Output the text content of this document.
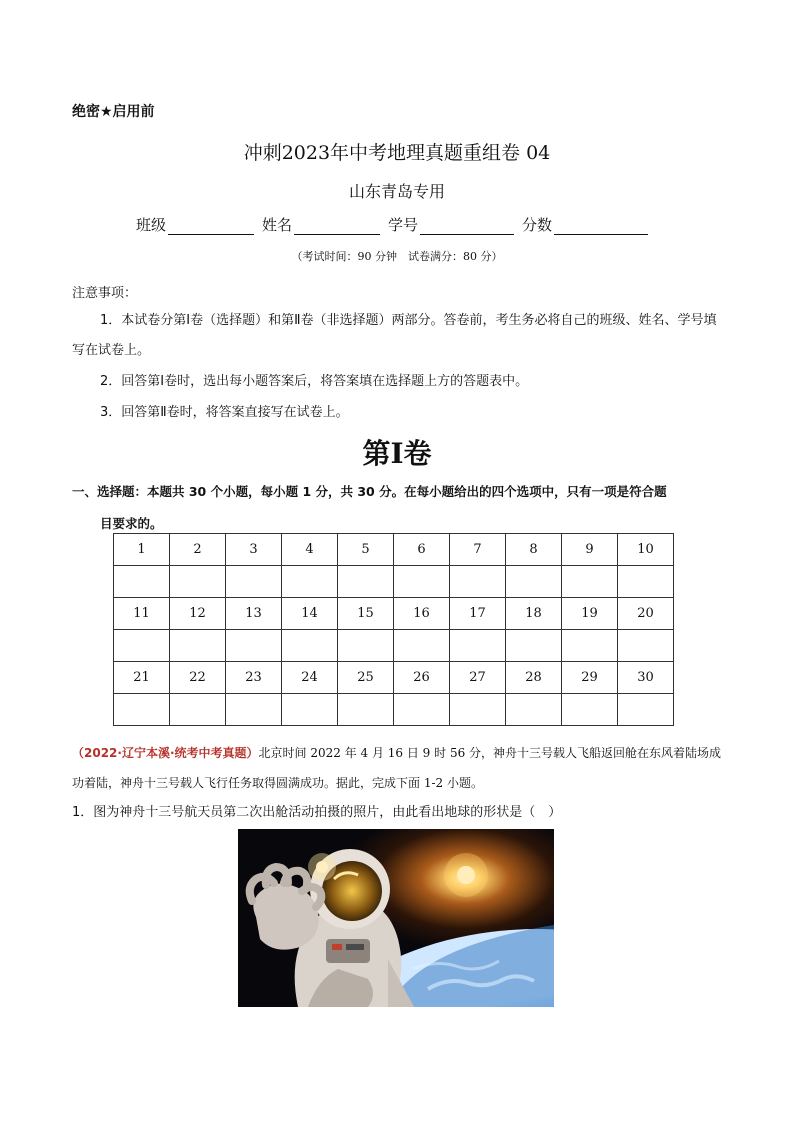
绝密★启用前
冲刺2023年中考地理真题重组卷 04
山东青岛专用
班级	姓名	学号	分数
（考试时间：90 分钟　试卷满分：80 分）
注意事项：
1．本试卷分第Ⅰ卷（选择题）和第Ⅱ卷（非选择题）两部分。答卷前，考生务必将自己的班级、姓名、学号填写在试卷上。
2．回答第Ⅰ卷时，选出每小题答案后，将答案填在选择题上方的答题表中。
3．回答第Ⅱ卷时，将答案直接写在试卷上。
第Ⅰ卷
一、选择题：本题共 30 个小题，每小题 1 分，共 30 分。在每小题给出的四个选项中，只有一项是符合题
目要求的。
1	2	3	4	5	6	7	8	9	10

11	12	13	14	15	16	17	18	19	20

21	22	23	24	25	26	27	28	29	30

（2022·辽宁本溪·统考中考真题）北京时间 2022 年 4 月 16 日 9 时 56 分，神舟十三号载人飞船返回舱在东风着陆场成功着陆，神舟十三号载人飞行任务取得圆满成功。据此，完成下面 1-2 小题。
1．图为神舟十三号航天员第二次出舱活动拍摄的照片，由此看出地球的形状是（　）
